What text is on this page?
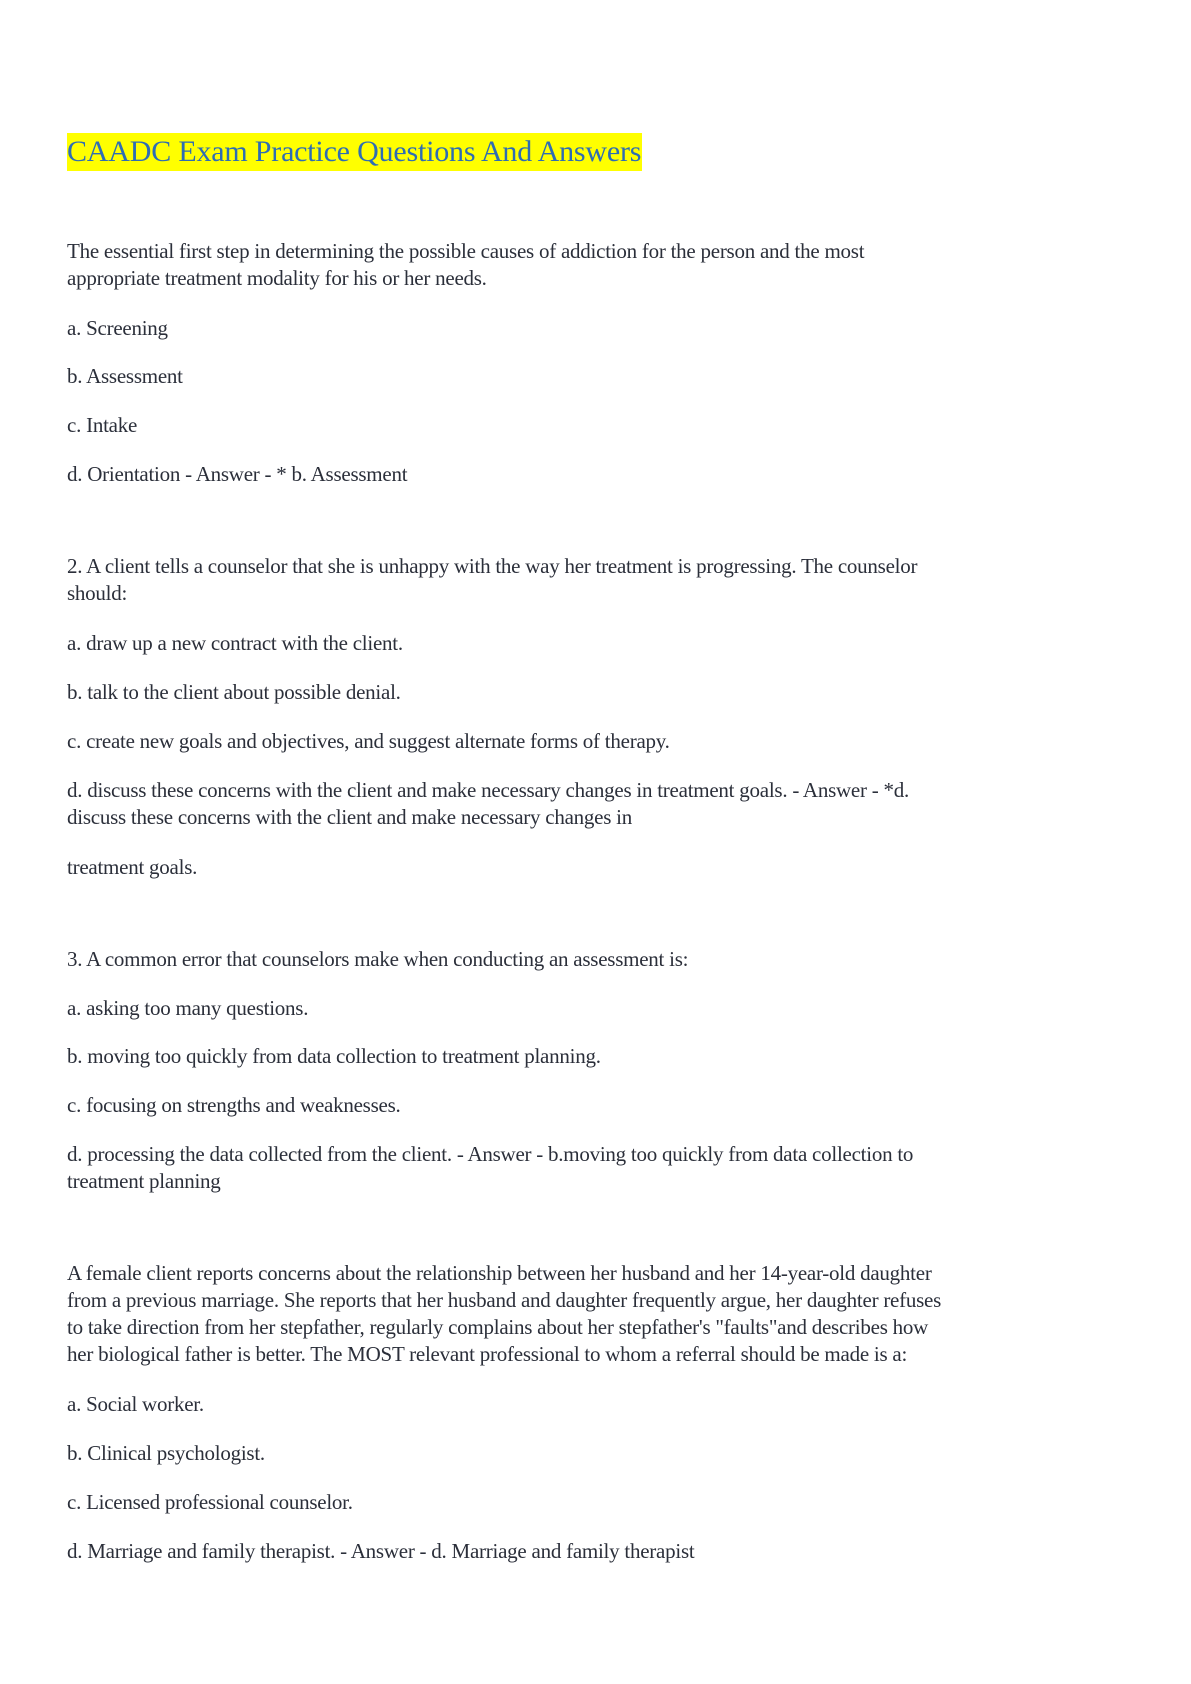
CAADC Exam Practice Questions And Answers

The essential first step in determining the possible causes of addiction for the person and the most

appropriate treatment modality for his or her needs.

a. Screening

b. Assessment

c. Intake

d. Orientation - Answer - * b. Assessment

2. A client tells a counselor that she is unhappy with the way her treatment is progressing. The counselor

should:

a. draw up a new contract with the client.

b. talk to the client about possible denial.

c. create new goals and objectives, and suggest alternate forms of therapy.

d. discuss these concerns with the client and make necessary changes in treatment goals. - Answer - *d.

discuss these concerns with the client and make necessary changes in

treatment goals.

3. A common error that counselors make when conducting an assessment is:

a. asking too many questions.

b. moving too quickly from data collection to treatment planning.

c. focusing on strengths and weaknesses.

d. processing the data collected from the client. - Answer - b.moving too quickly from data collection to

treatment planning

A female client reports concerns about the relationship between her husband and her 14-year-old daughter

from a previous marriage. She reports that her husband and daughter frequently argue, her daughter refuses

to take direction from her stepfather, regularly complains about her stepfather's "faults"and describes how

her biological father is better. The MOST relevant professional to whom a referral should be made is a:

a. Social worker.

b. Clinical psychologist.

c. Licensed professional counselor.

d. Marriage and family therapist. - Answer - d. Marriage and family therapist
